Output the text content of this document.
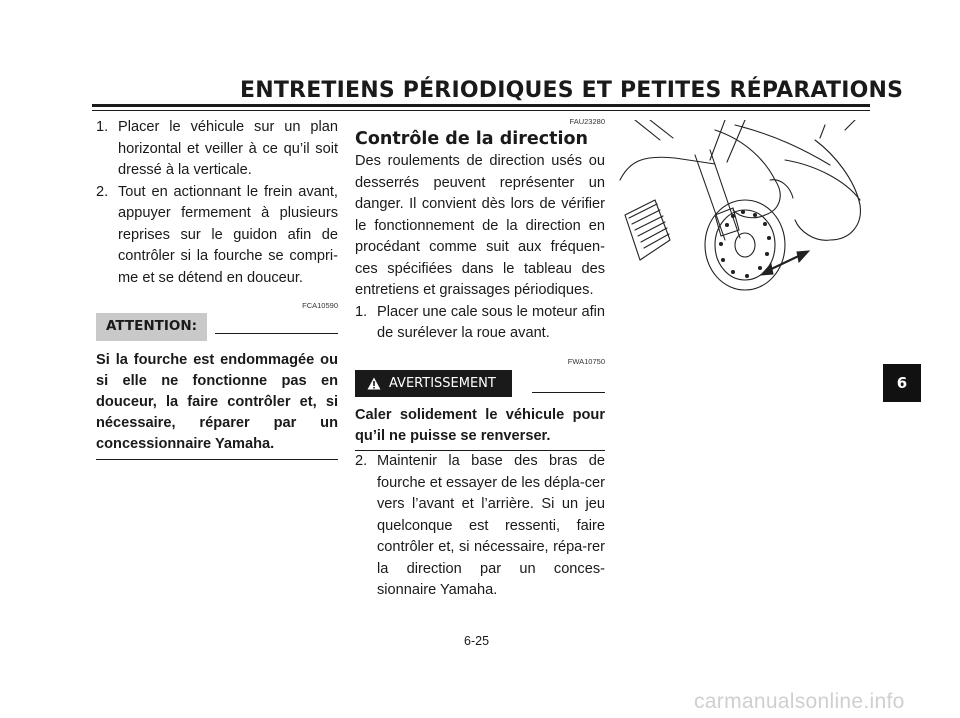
ENTRETIENS PÉRIODIQUES ET PETITES RÉPARATIONS
1. Placer le véhicule sur un plan horizontal et veiller à ce qu’il soit dressé à la verticale.
2. Tout en actionnant le frein avant, appuyer fermement à plusieurs reprises sur le guidon afin de contrôler si la fourche se compri-me et se détend en douceur.
FCA10590
ATTENTION:
Si la fourche est endommagée ou si elle ne fonctionne pas en douceur, la faire contrôler et, si nécessaire, réparer par un concessionnaire Yamaha.
FAU23280
Contrôle de la direction
Des roulements de direction usés ou desserrés peuvent représenter un danger. Il convient dès lors de vérifier le fonctionnement de la direction en procédant comme suit aux fréquen-ces spécifiées dans le tableau des entretiens et graissages périodiques.
1. Placer une cale sous le moteur afin de surélever la roue avant.
FWA10750
AVERTISSEMENT
Caler solidement le véhicule pour qu’il ne puisse se renverser.
2. Maintenir la base des bras de fourche et essayer de les dépla-cer vers l’avant et l’arrière. Si un jeu quelconque est ressenti, faire contrôler et, si nécessaire, répa-rer la direction par un conces-sionnaire Yamaha.
6
6-25
carmanualsonline.info
